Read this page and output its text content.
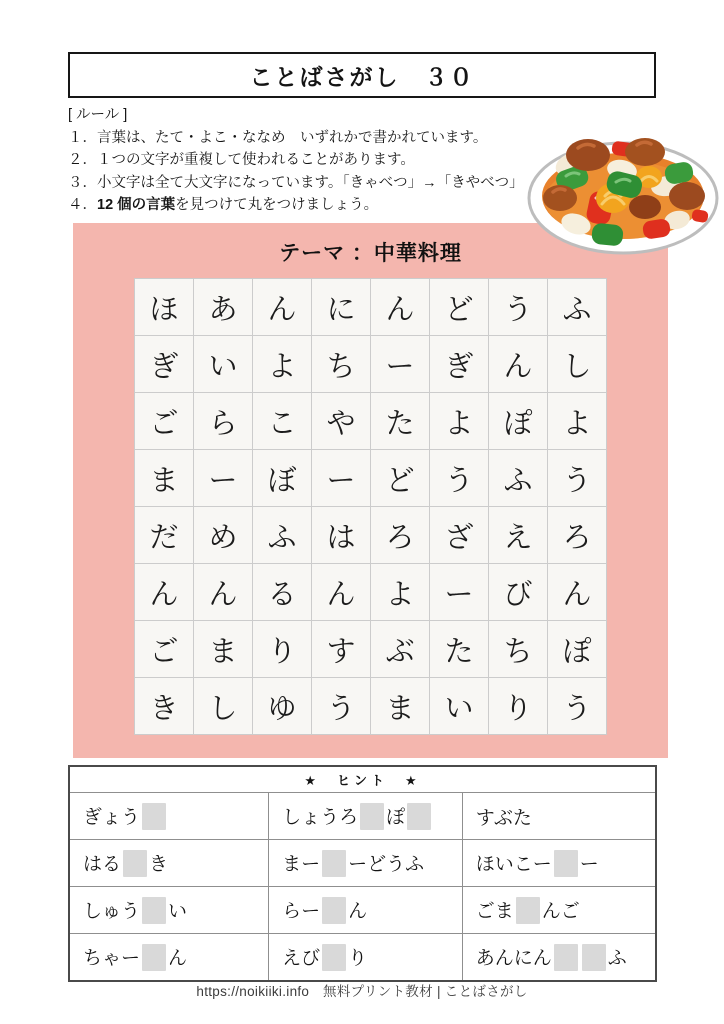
ことばさがし　３０
[ ルール ]
１．言葉は、たて・よこ・ななめ　いずれかで書かれています。
２．１つの文字が重複して使われることがあります。
３．小文字は全て大文字になっています。「きゃべつ」→「きやべつ」
４．12 個の言葉を見つけて丸をつけましょう。
テーマ ：中華料理
ほ	あ	ん	に	ん	ど	う	ふ
ぎ	い	よ	ち	ー	ぎ	ん	し
ご	ら	こ	や	た	よ	ぽ	よ
ま	ー	ぼ	ー	ど	う	ふ	う
だ	め	ふ	は	ろ	ざ	え	ろ
ん	ん	る	ん	よ	ー	び	ん
ご	ま	り	す	ぶ	た	ち	ぽ
き	し	ゆ	う	ま	い	り	う
★　ヒント　★		
ぎょう	しょうろ ぽ	すぶた
はる き	まー ーどうふ	ほいこー ー
しゅう い	らー ん	ごま んご
ちゃー ん	えび り	あんにん ふ
https://noikiiki.info　無料プリント教材 | ことばさがし
